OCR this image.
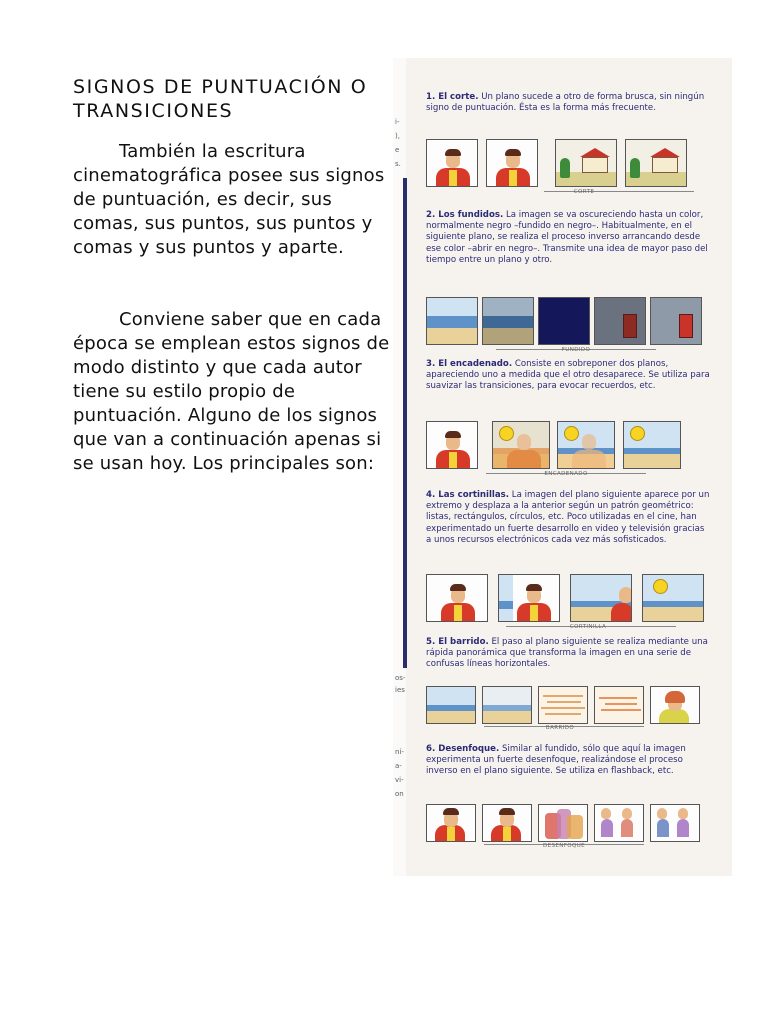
SIGNOS DE PUNTUACIÓN O TRANSICIONES

También la escritura cinematográfica posee sus signos de puntuación, es decir, sus comas, sus puntos, sus puntos y comas y sus puntos y aparte.

Conviene saber que en cada época se emplean estos signos de modo distinto y que cada autor tiene su estilo propio de puntuación. Alguno de los signos que van a continuación apenas si se usan hoy. Los principales son:

i-
),
e
s.
os-
ies
ní-
a-
vi-
on

1. El corte. Un plano sucede a otro de forma brusca, sin ningún signo de puntuación. Ésta es la forma más frecuente.

CORTE

2. Los fundidos. La imagen se va oscureciendo hasta un color, normalmente negro –fundido en negro–. Habitualmente, en el siguiente plano, se realiza el proceso inverso arrancando desde ese color –abrir en negro–. Transmite una idea de mayor paso del tiempo entre un plano y otro.

FUNDIDO

3. El encadenado. Consiste en sobreponer dos planos, apareciendo uno a medida que el otro desaparece. Se utiliza para suavizar las transiciones, para evocar recuerdos, etc.

ENCADENADO

4. Las cortinillas. La imagen del plano siguiente aparece por un extremo y desplaza a la anterior según un patrón geométrico: listas, rectángulos, círculos, etc. Poco utilizadas en el cine, han experimentado un fuerte desarrollo en video y televisión gracias a unos recursos electrónicos cada vez más sofisticados.

CORTINILLA

5. El barrido. El paso al plano siguiente se realiza mediante una rápida panorámica que transforma la imagen en una serie de confusas líneas horizontales.

BARRIDO

6. Desenfoque. Similar al fundido, sólo que aquí la imagen experimenta un fuerte desenfoque, realizándose el proceso inverso en el plano siguiente. Se utiliza en flashback, etc.

DESENFOQUE
